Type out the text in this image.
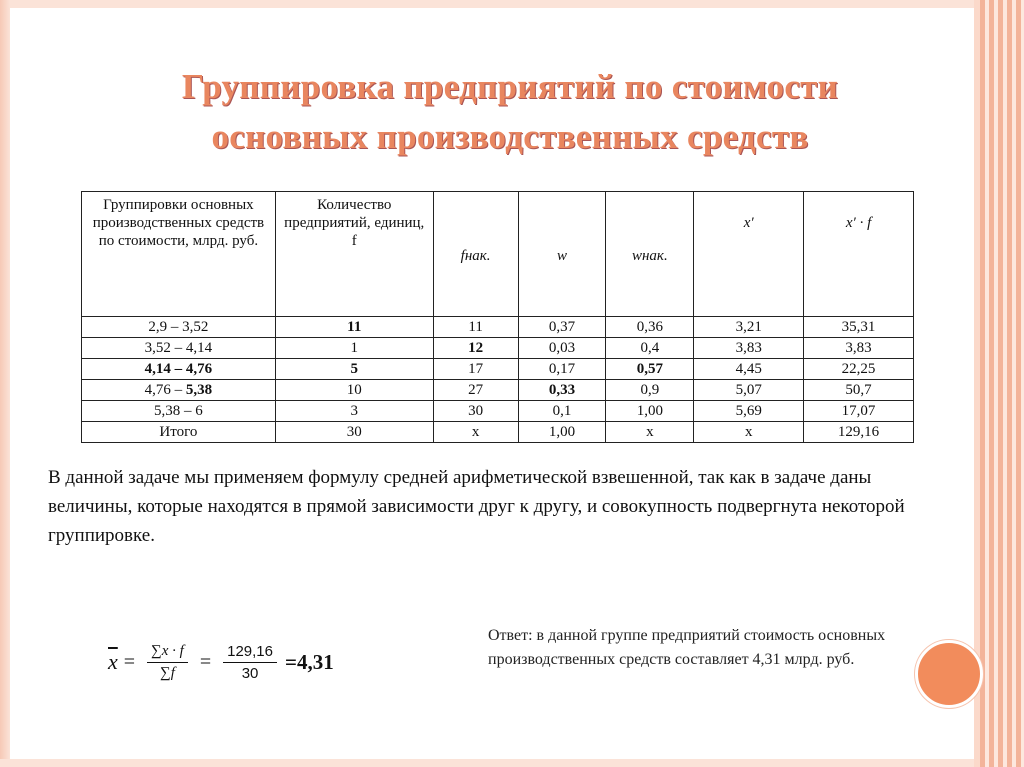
Группировка предприятий по стоимости
основных производственных средств
Группировки основных производственных средств по стоимости, млрд. руб.	Количество предприятий, единиц, f	fнак.	w	wнак.	x′	x′ · f
2,9 – 3,52	11	11	0,37	0,36	3,21	35,31
3,52 – 4,14	1	12	0,03	0,4	3,83	3,83
4,14 – 4,76	5	17	0,17	0,57	4,45	22,25
4,76 – 5,38	10	27	0,33	0,9	5,07	50,7
5,38 – 6	3	30	0,1	1,00	5,69	17,07
Итого	30	х	1,00	х	х	129,16
В данной задаче мы применяем формулу средней арифметической взвешенной, так как в задаче даны величины, которые находятся в прямой зависимости друг к другу, и совокупность подвергнута некоторой группировке.
$\overline{x} = \frac{\sum x \cdot f}{\sum f} = \frac{129,16}{30} =4,31$
Ответ: в данной группе предприятий стоимость основных производственных средств составляет 4,31 млрд. руб.
